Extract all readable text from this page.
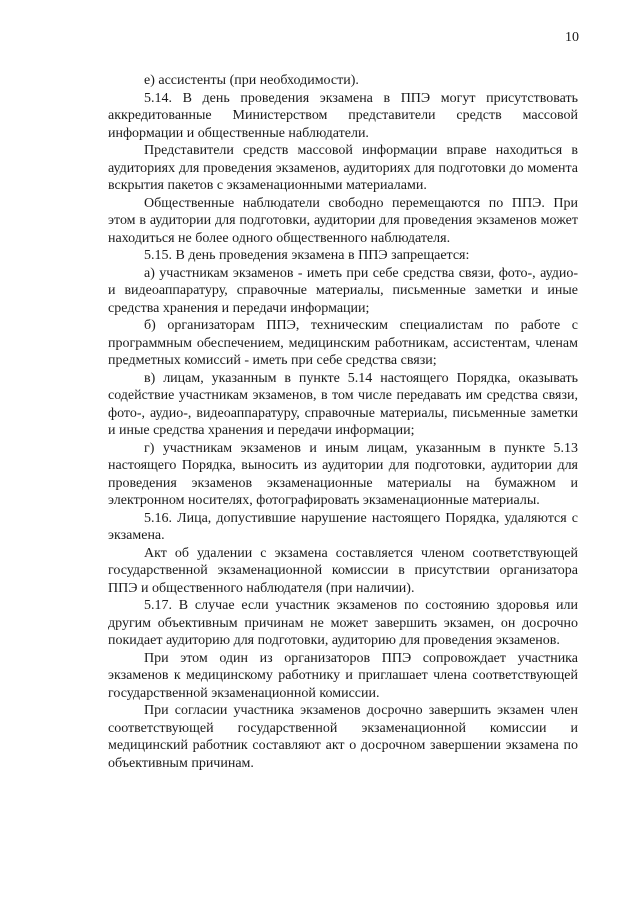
10

е) ассистенты (при необходимости).

5.14. В день проведения экзамена в ППЭ могут присутствовать аккредитованные Министерством представители средств массовой информации и общественные наблюдатели.

Представители средств массовой информации вправе находиться в аудиториях для проведения экзаменов, аудиториях для подготовки до момента вскрытия пакетов с экзаменационными материалами.

Общественные наблюдатели свободно перемещаются по ППЭ. При этом в аудитории для подготовки, аудитории для проведения экзаменов может находиться не более одного общественного наблюдателя.

5.15. В день проведения экзамена в ППЭ запрещается:

а) участникам экзаменов - иметь при себе средства связи, фото-, аудио- и видеоаппаратуру, справочные материалы, письменные заметки и иные средства хранения и передачи информации;

б) организаторам ППЭ, техническим специалистам по работе с программным обеспечением, медицинским работникам, ассистентам, членам предметных комиссий - иметь при себе средства связи;

в) лицам, указанным в пункте 5.14 настоящего Порядка, оказывать содействие участникам экзаменов, в том числе передавать им средства связи, фото-, аудио-, видеоаппаратуру, справочные материалы, письменные заметки и иные средства хранения и передачи информации;

г) участникам экзаменов и иным лицам, указанным в пункте 5.13 настоящего Порядка, выносить из аудитории для подготовки, аудитории для проведения экзаменов экзаменационные материалы на бумажном и электронном носителях, фотографировать экзаменационные материалы.

5.16. Лица, допустившие нарушение настоящего Порядка, удаляются с экзамена.

Акт об удалении с экзамена составляется членом соответствующей государственной экзаменационной комиссии в присутствии организатора ППЭ и общественного наблюдателя (при наличии).

5.17. В случае если участник экзаменов по состоянию здоровья или другим объективным причинам не может завершить экзамен, он досрочно покидает аудиторию для подготовки, аудиторию для проведения экзаменов.

При этом один из организаторов ППЭ сопровождает участника экзаменов к медицинскому работнику и приглашает члена соответствующей государственной экзаменационной комиссии.

При согласии участника экзаменов досрочно завершить экзамен член соответствующей государственной экзаменационной комиссии и медицинский работник составляют акт о досрочном завершении экзамена по объективным причинам.
